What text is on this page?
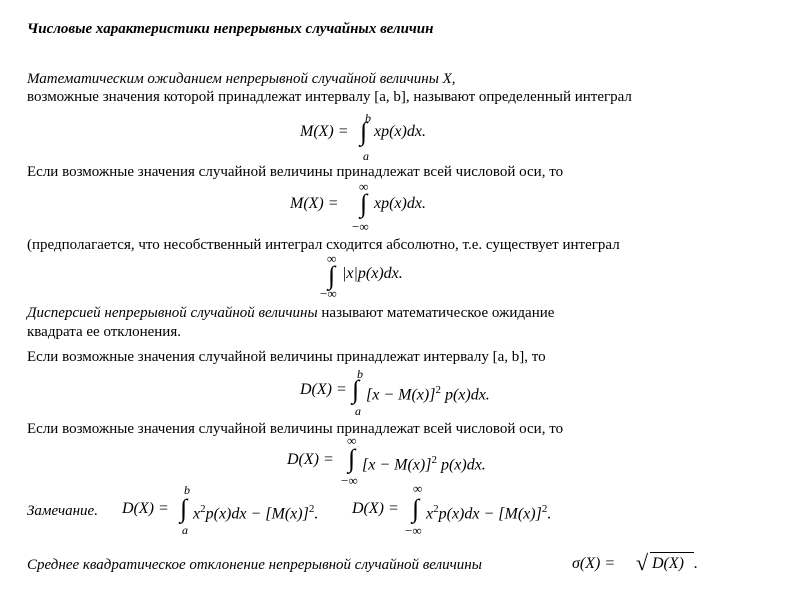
Числовые характеристики непрерывных случайных величин
Математическим ожиданием непрерывной случайной величины X,
возможные значения которой принадлежат интервалу [a, b], называют определенный интеграл
M(X) =
b
∫
a
xp(x)dx.
Если возможные значения случайной величины принадлежат всей числовой оси, то
M(X) =
∞
∫
−∞
xp(x)dx.
(предполагается, что несобственный интеграл сходится абсолютно, т.е. существует интеграл
∞
∫
−∞
|x|p(x)dx.
Дисперсией непрерывной случайной величины называют математическое ожидание
квадрата ее отклонения.
Если возможные значения случайной величины принадлежат интервалу [a, b], то
D(X) =
b
∫
a
$[x - M(x)]^2$ p(x)dx.
Если возможные значения случайной величины принадлежат всей числовой оси, то
D(X) =
∞
∫
−∞
$[x - M(x)]^2$ p(x)dx.
Замечание. D(X) =
b
∫
a
$x^2p(x)dx - [M(x)]^2$. D(X) =
∞
∫
−∞
$x^2p(x)dx - [M(x)]^2$.
Среднее квадратическое отклонение непрерывной случайной величины	σ(X) = √ D(X) .
